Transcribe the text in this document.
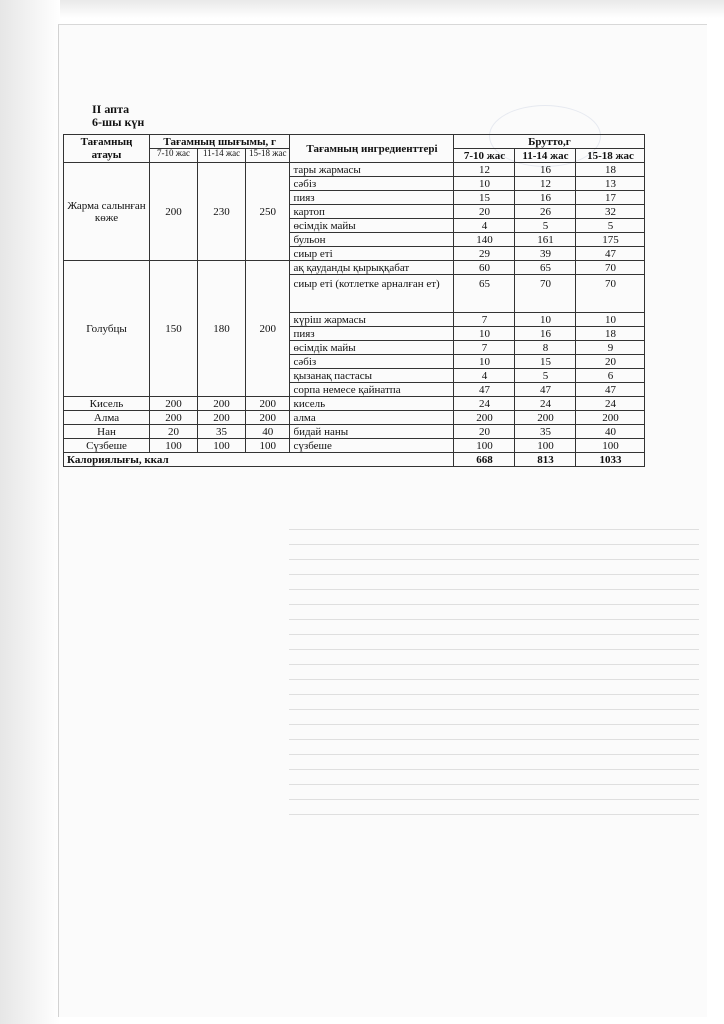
II апта
6-шы күн
Тағамның атауы	Тағамның шығымы, г			Тағамның ингредиенттері	Брутто,г		
	7-10 жас	11-14 жас	15-18 жас		7-10 жас	11-14 жас	15-18 жас
Жарма салынған көже	200	230	250	тары жармасы	12	16	18
				сәбіз	10	12	13
				пияз	15	16	17
				картоп	20	26	32
				өсімдік майы	4	5	5
				бульон	140	161	175
				сиыр еті	29	39	47
Голубцы	150	180	200	ақ қауданды қырыққабат	60	65	70
				сиыр еті (котлетке арналған ет)	65	70	70
				күріш жармасы	7	10	10
				пияз	10	16	18
				өсімдік майы	7	8	9
				сәбіз	10	15	20
				қызанақ пастасы	4	5	6
				сорпа немесе қайнатпа	47	47	47
Кисель	200	200	200	кисель	24	24	24
Алма	200	200	200	алма	200	200	200
Нан	20	35	40	бидай наны	20	35	40
Сүзбеше	100	100	100	сүзбеше	100	100	100
Калориялығы, ккал					668	813	1033
